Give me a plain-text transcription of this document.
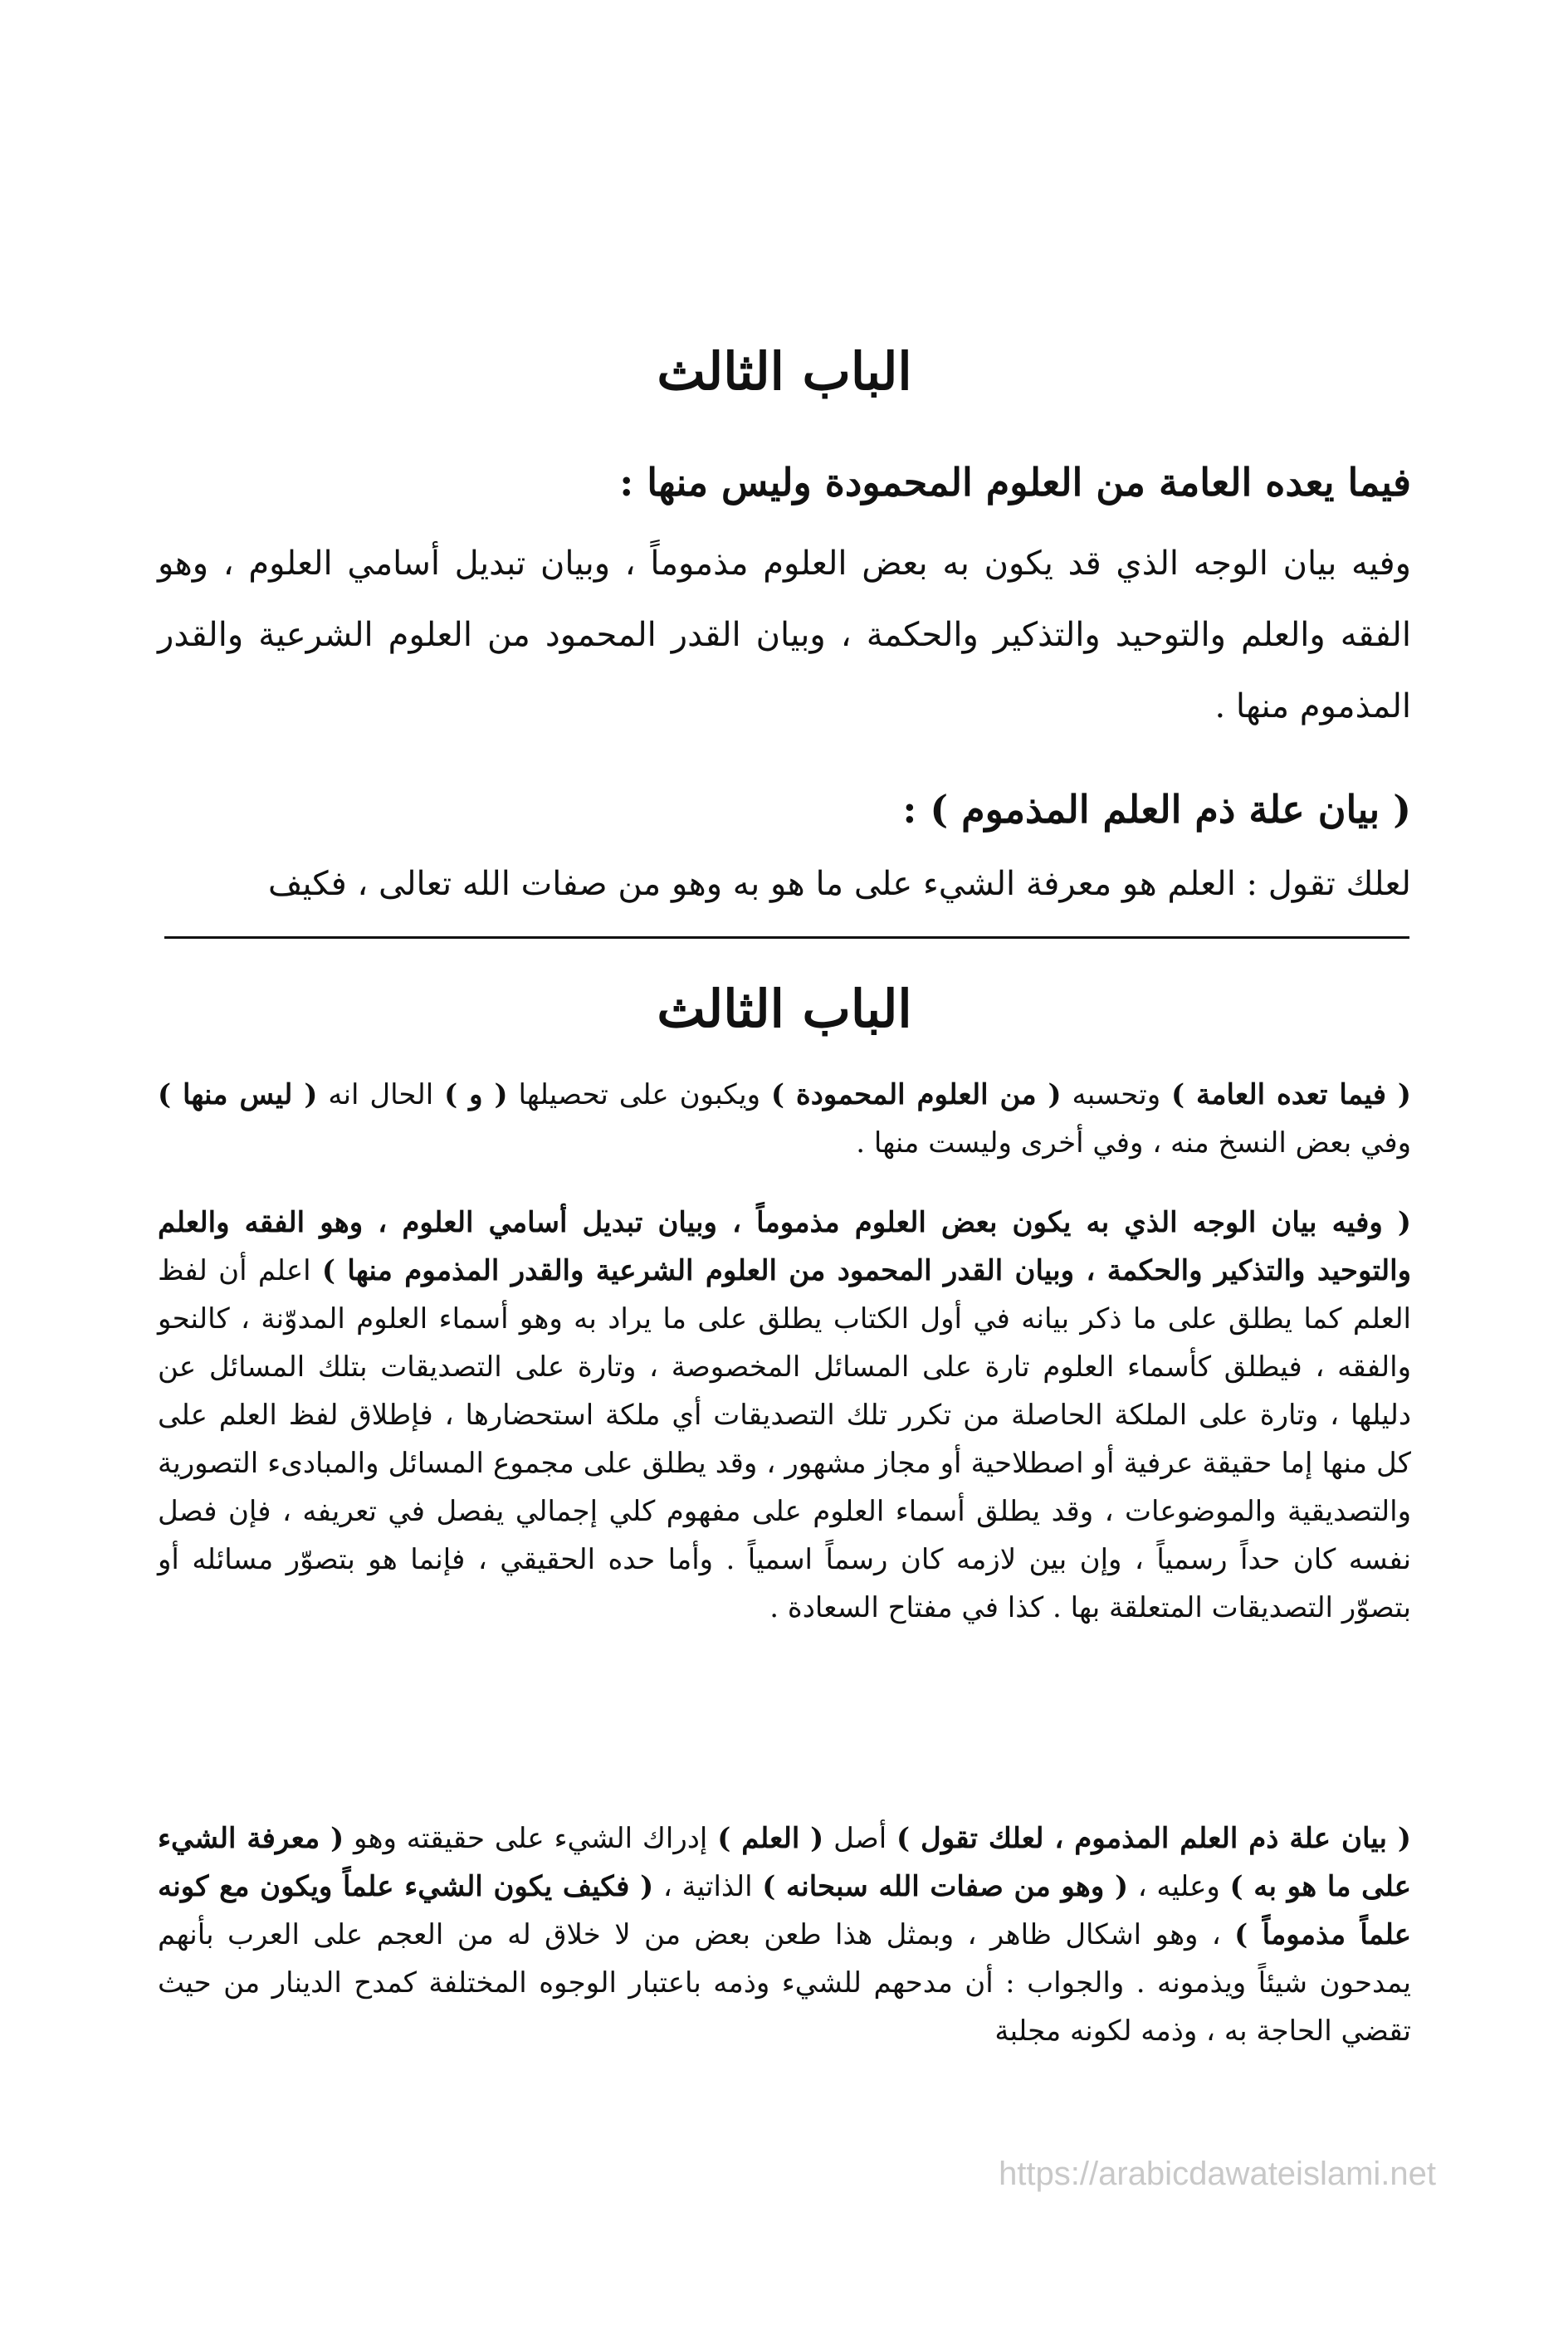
الباب الثالث
فيما يعده العامة من العلوم المحمودة وليس منها :

وفيه بيان الوجه الذي قد يكون به بعض العلوم مذموماً ، وبيان تبديل أسامي العلوم ، وهو الفقه والعلم والتوحيد والتذكير والحكمة ، وبيان القدر المحمود من العلوم الشرعية والقدر المذموم منها .

( بيان علة ذم العلم المذموم ) :

لعلك تقول : العلم هو معرفة الشيء على ما هو به وهو من صفات الله تعالى ، فكيف

الباب الثالث

( فيما تعده العامة ) وتحسبه ( من العلوم المحمودة ) ويكبون على تحصيلها ( و ) الحال انه ( ليس منها ) وفي بعض النسخ منه ، وفي أخرى وليست منها .

( وفيه بيان الوجه الذي به يكون بعض العلوم مذموماً ، وبيان تبديل أسامي العلوم ، وهو الفقه والعلم والتوحيد والتذكير والحكمة ، وبيان القدر المحمود من العلوم الشرعية والقدر المذموم منها ) اعلم أن لفظ العلم كما يطلق على ما ذكر بيانه في أول الكتاب يطلق على ما يراد به وهو أسماء العلوم المدوّنة ، كالنحو والفقه ، فيطلق كأسماء العلوم تارة على المسائل المخصوصة ، وتارة على التصديقات بتلك المسائل عن دليلها ، وتارة على الملكة الحاصلة من تكرر تلك التصديقات أي ملكة استحضارها ، فإطلاق لفظ العلم على كل منها إما حقيقة عرفية أو اصطلاحية أو مجاز مشهور ، وقد يطلق على مجموع المسائل والمبادىء التصورية والتصديقية والموضوعات ، وقد يطلق أسماء العلوم على مفهوم كلي إجمالي يفصل في تعريفه ، فإن فصل نفسه كان حداً رسمياً ، وإن بين لازمه كان رسماً اسمياً . وأما حده الحقيقي ، فإنما هو بتصوّر مسائله أو بتصوّر التصديقات المتعلقة بها . كذا في مفتاح السعادة .

( بيان علة ذم العلم المذموم ، لعلك تقول ) أصل ( العلم ) إدراك الشيء على حقيقته وهو ( معرفة الشيء على ما هو به ) وعليه ، ( وهو من صفات الله سبحانه ) الذاتية ، ( فكيف يكون الشيء علماً ويكون مع كونه علماً مذموماً ) ، وهو اشكال ظاهر ، وبمثل هذا طعن بعض من لا خلاق له من العجم على العرب بأنهم يمدحون شيئاً ويذمونه . والجواب : أن مدحهم للشيء وذمه باعتبار الوجوه المختلفة كمدح الدينار من حيث تقضي الحاجة به ، وذمه لكونه مجلبة

https://arabicdawateislami.net
